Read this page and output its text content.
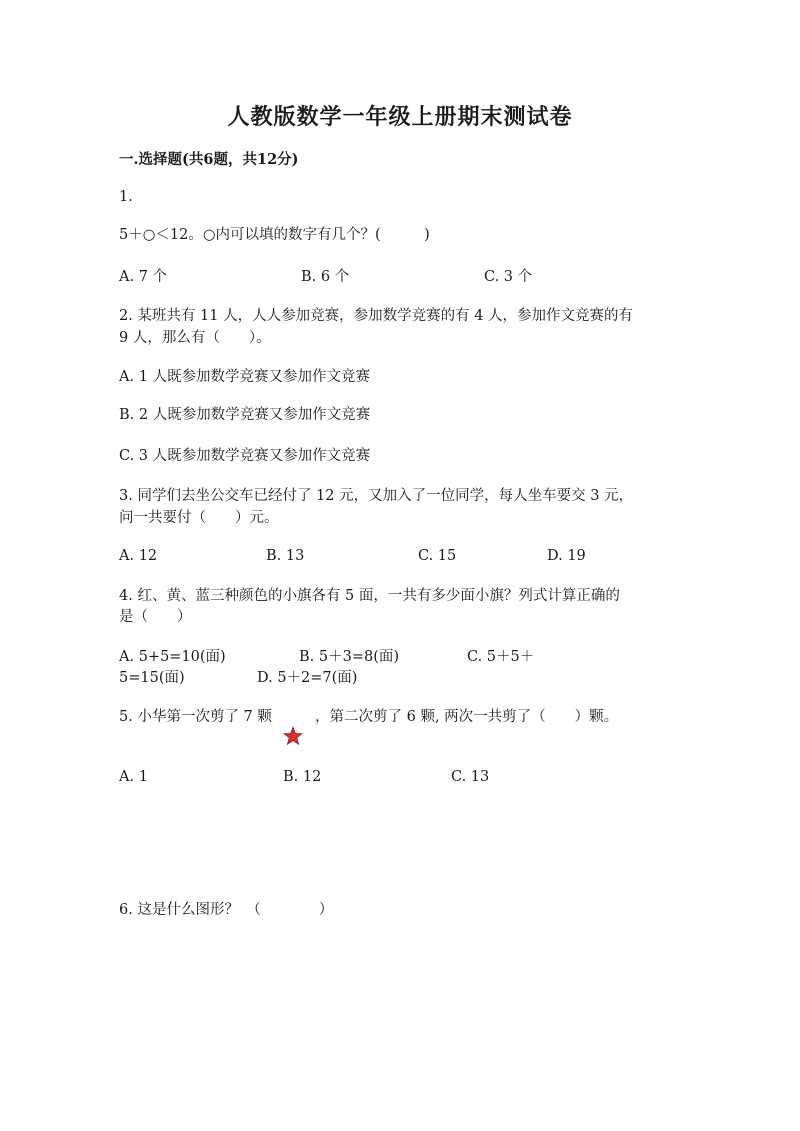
人教版数学一年级上册期末测试卷
一.选择题(共6题，共12分)
1.
5＋○＜12。○内可以填的数字有几个？(　　　)
A. 7 个	B. 6 个	C. 3 个
2. 某班共有 11 人，人人参加竞赛，参加数学竞赛的有 4 人，参加作文竞赛的有
9 人，那么有（　　）。
A. 1 人既参加数学竞赛又参加作文竞赛
B. 2 人既参加数学竞赛又参加作文竞赛
C. 3 人既参加数学竞赛又参加作文竞赛
3. 同学们去坐公交车已经付了 12 元，又加入了一位同学，每人坐车要交 3 元，
问一共要付（　　）元。
A. 12	B. 13	C. 15	D. 19
4. 红、黄、蓝三种颜色的小旗各有 5 面，一共有多少面小旗？列式计算正确的
是（　　）
A. 5+5=10(面)	B. 5＋3=8(面)	C. 5＋5＋
5=15(面)	D. 5＋2=7(面)
5. 小华第一次剪了 7 颗	，第二次剪了 6 颗, 两次一共剪了（　　）颗。
A. 1	B. 12	C. 13
6. 这是什么图形？　（　　　　）
